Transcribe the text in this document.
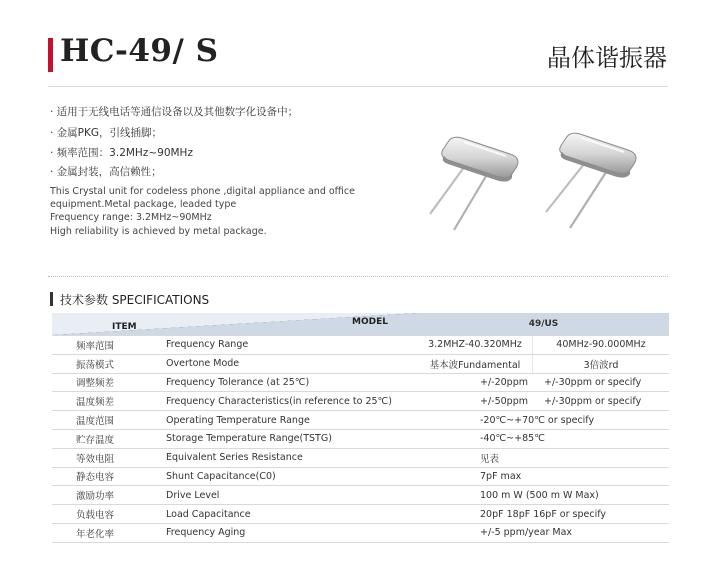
HC-49/ S	晶体谐振器
· 适用于无线电话等通信设备以及其他数字化设备中；
· 金属PKG，引线插脚；
· 频率范围：3.2MHz~90MHz
· 金属封装，高信赖性；
This Crystal unit for codeless phone ,digital appliance and office
equipment.Metal package, leaded type
Frequency range: 3.2MHz~90MHz
High reliability is achieved by metal package.
技术参数 SPECIFICATIONS
ITEM MODEL		49/US	
频率范围	Frequency Range	3.2MHZ-40.320MHz	40MHz-90.000MHz
振荡模式	Overtone Mode	基本波Fundamental	3倍波rd
调整频差	Frequency Tolerance (at 25℃)	+/-20ppm +/-30ppm or specify	
温度频差	Frequency Characteristics(in reference to 25℃)	+/-50ppm +/-30ppm or specify	
温度范围	Operating Temperature Range	-20℃~+70℃ or specify	
贮存温度	Storage Temperature Range(TSTG)	-40℃~+85℃	
等效电阻	Equivalent Series Resistance	见表	
静态电容	Shunt Capacitance(C0)	7pF max	
激励功率	Drive Level	100 m W (500 m W Max)	
负载电容	Load Capacitance	20pF 18pF 16pF or specify	
年老化率	Frequency Aging	+/-5 ppm/year Max	
